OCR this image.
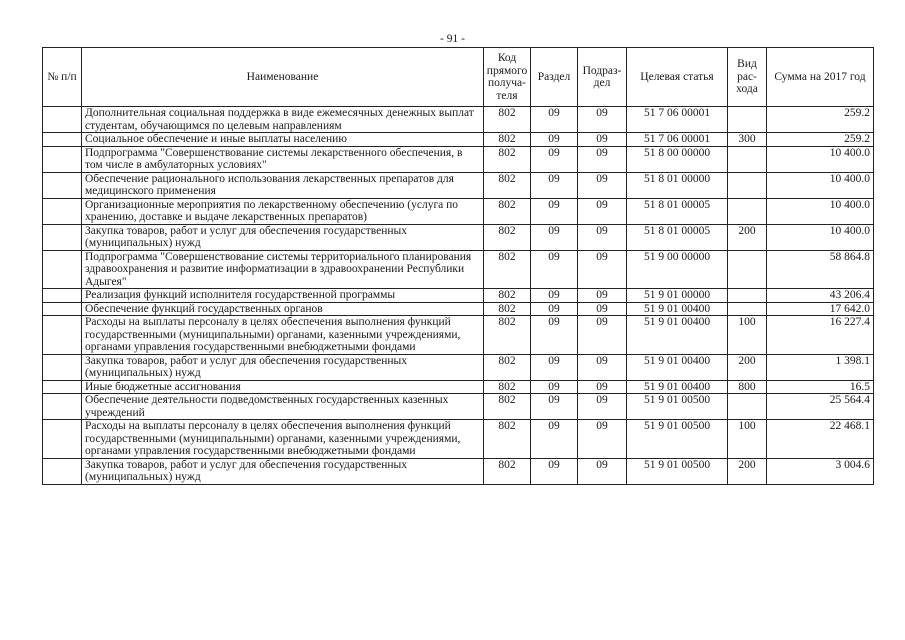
- 91 -
№ п/п	Наименование	Код прямого получа- теля	Раздел	Подраз- дел	Целевая статья	Вид рас- хода	Сумма на 2017 год
	Дополнительная социальная поддержка в виде ежемесячных денежных выплат студентам, обучающимся по целевым направлениям	802	09	09	51 7 06 00001		259.2
	Социальное обеспечение и иные выплаты населению	802	09	09	51 7 06 00001	300	259.2
	Подпрограмма "Совершенствование системы лекарственного обеспечения, в том числе в амбулаторных условиях"	802	09	09	51 8 00 00000		10 400.0
	Обеспечение рационального использования лекарственных препаратов для медицинского применения	802	09	09	51 8 01 00000		10 400.0
	Организационные мероприятия по лекарственному обеспечению (услуга по хранению, доставке и выдаче лекарственных препаратов)	802	09	09	51 8 01 00005		10 400.0
	Закупка товаров, работ и услуг для обеспечения государственных (муниципальных) нужд	802	09	09	51 8 01 00005	200	10 400.0
	Подпрограмма "Совершенствование системы территориального планирования здравоохранения и развитие информатизации в здравоохранении Республики Адыгея"	802	09	09	51 9 00 00000		58 864.8
	Реализация функций исполнителя государственной программы	802	09	09	51 9 01 00000		43 206.4
	Обеспечение функций государственных органов	802	09	09	51 9 01 00400		17 642.0
	Расходы на выплаты персоналу в целях обеспечения выполнения функций государственными (муниципальными) органами, казенными учреждениями, органами управления государственными внебюджетными фондами	802	09	09	51 9 01 00400	100	16 227.4
	Закупка товаров, работ и услуг для обеспечения государственных (муниципальных) нужд	802	09	09	51 9 01 00400	200	1 398.1
	Иные бюджетные ассигнования	802	09	09	51 9 01 00400	800	16.5
	Обеспечение деятельности подведомственных государственных казенных учреждений	802	09	09	51 9 01 00500		25 564.4
	Расходы на выплаты персоналу в целях обеспечения выполнения функций государственными (муниципальными) органами, казенными учреждениями, органами управления государственными внебюджетными фондами	802	09	09	51 9 01 00500	100	22 468.1
	Закупка товаров, работ и услуг для обеспечения государственных (муниципальных) нужд	802	09	09	51 9 01 00500	200	3 004.6
